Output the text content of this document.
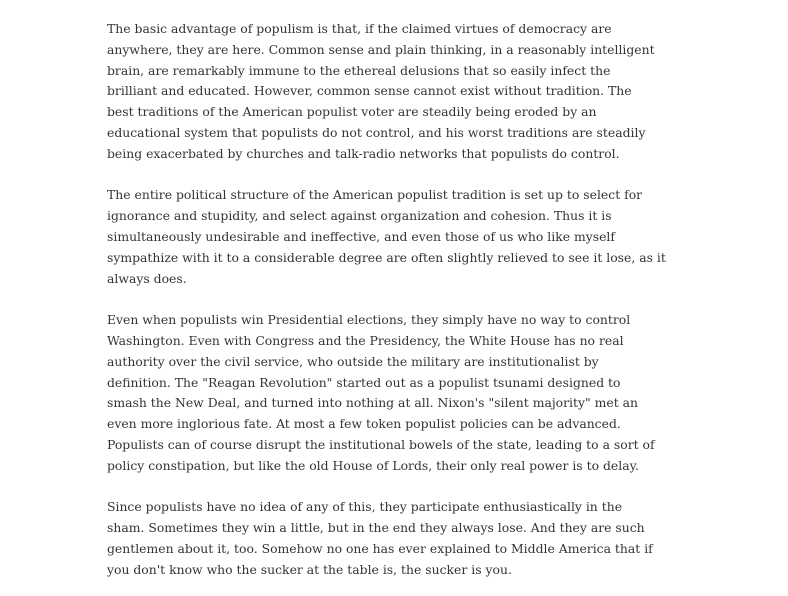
The basic advantage of populism is that, if the claimed virtues of democracy are
anywhere, they are here. Common sense and plain thinking, in a reasonably intelligent
brain, are remarkably immune to the ethereal delusions that so easily infect the
brilliant and educated. However, common sense cannot exist without tradition. The
best traditions of the American populist voter are steadily being eroded by an
educational system that populists do not control, and his worst traditions are steadily
being exacerbated by churches and talk-radio networks that populists do control.

The entire political structure of the American populist tradition is set up to select for
ignorance and stupidity, and select against organization and cohesion. Thus it is
simultaneously undesirable and ineffective, and even those of us who like myself
sympathize with it to a considerable degree are often slightly relieved to see it lose, as it
always does.

Even when populists win Presidential elections, they simply have no way to control
Washington. Even with Congress and the Presidency, the White House has no real
authority over the civil service, who outside the military are institutionalist by
definition. The "Reagan Revolution" started out as a populist tsunami designed to
smash the New Deal, and turned into nothing at all. Nixon's "silent majority" met an
even more inglorious fate. At most a few token populist policies can be advanced.
Populists can of course disrupt the institutional bowels of the state, leading to a sort of
policy constipation, but like the old House of Lords, their only real power is to delay.

Since populists have no idea of any of this, they participate enthusiastically in the
sham. Sometimes they win a little, but in the end they always lose. And they are such
gentlemen about it, too. Somehow no one has ever explained to Middle America that if
you don't know who the sucker at the table is, the sucker is you.
